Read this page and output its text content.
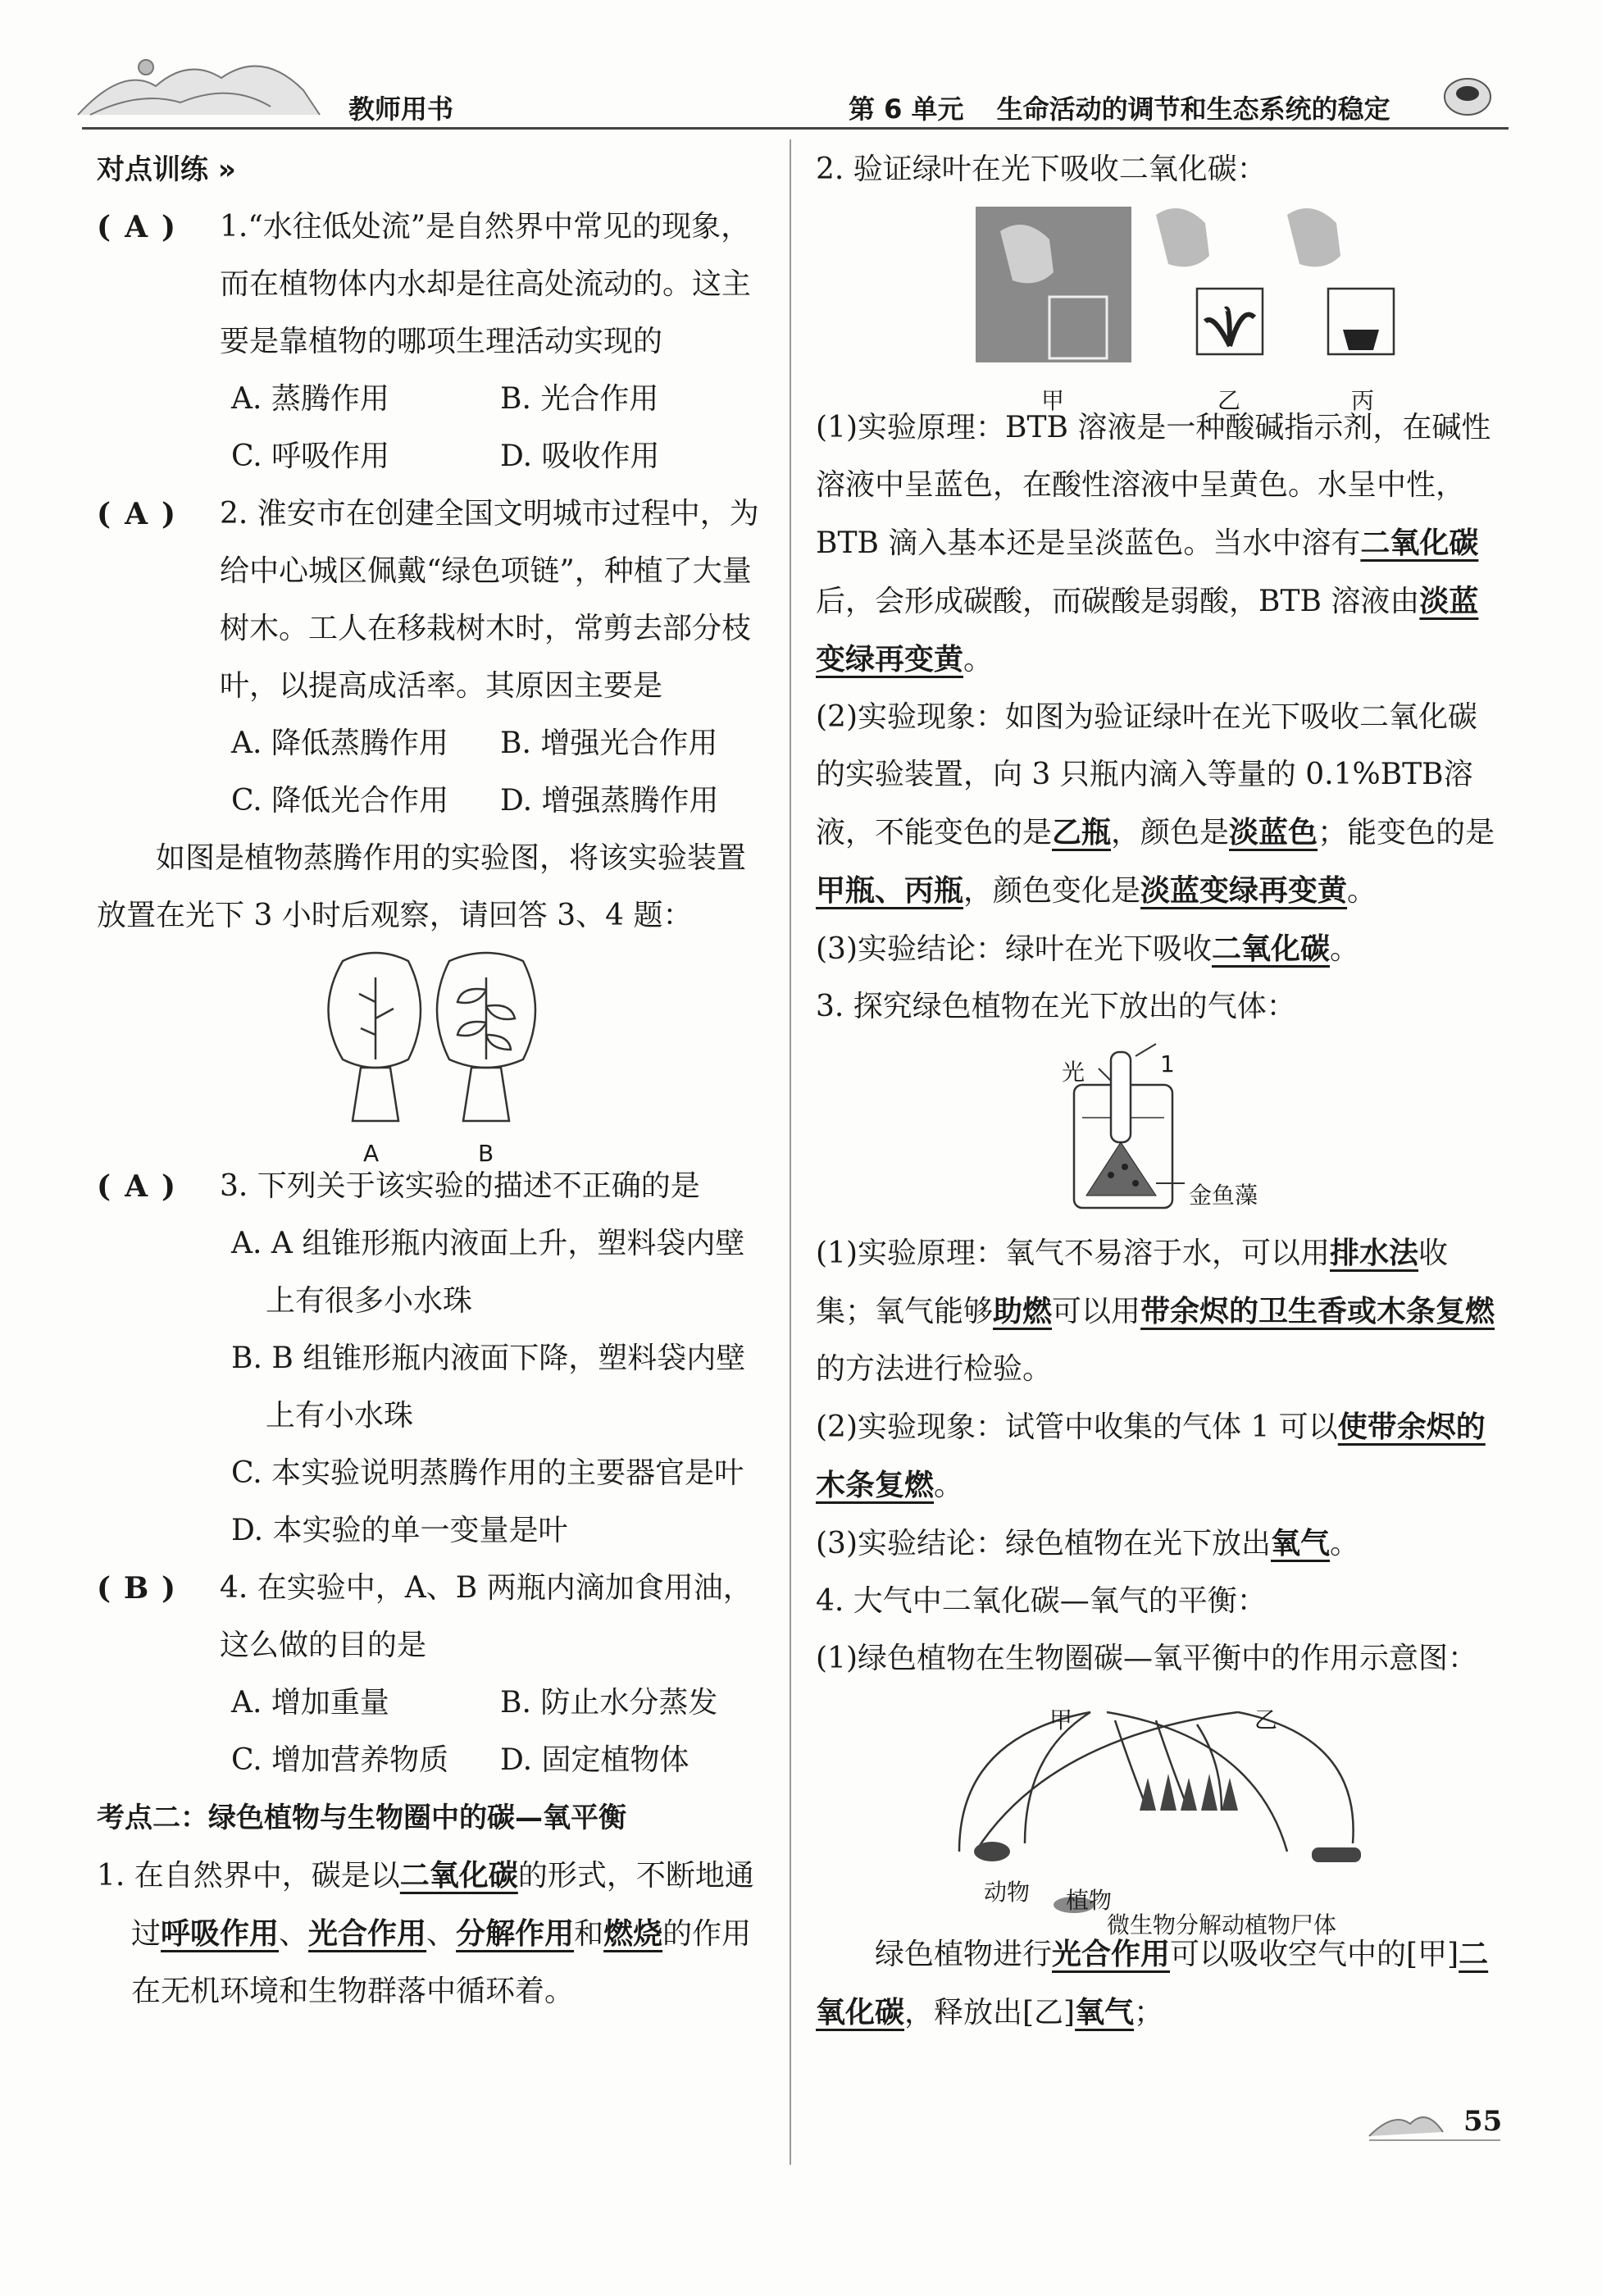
教师用书	第 6 单元 生命活动的调节和生态系统的稳定

对点训练 »

( A )	1.“水往低处流”是自然界中常见的现象，而在植物体内水却是往高处流动的。这主要是靠植物的哪项生理活动实现的
A. 蒸腾作用	B. 光合作用
C. 呼吸作用	D. 吸收作用
( A )	2. 淮安市在创建全国文明城市过程中，为给中心城区佩戴“绿色项链”，种植了大量树木。工人在移栽树木时，常剪去部分枝叶，以提高成活率。其原因主要是
A. 降低蒸腾作用	B. 增强光合作用
C. 降低光合作用	D. 增强蒸腾作用

如图是植物蒸腾作用的实验图，将该实验装置放置在光下 3 小时后观察，请回答 3、4 题：

A	B
( A )	3. 下列关于该实验的描述不正确的是

A. A 组锥形瓶内液面上升，塑料袋内壁上有很多小水珠

B. B 组锥形瓶内液面下降，塑料袋内壁上有小水珠

C. 本实验说明蒸腾作用的主要器官是叶

D. 本实验的单一变量是叶

( B )	4. 在实验中，A、B 两瓶内滴加食用油，这么做的目的是
A. 增加重量	B. 防止水分蒸发
C. 增加营养物质	D. 固定植物体

考点二：绿色植物与生物圈中的碳—氧平衡

1. 在自然界中，碳是以二氧化碳的形式，不断地通过呼吸作用、光合作用、分解作用和燃烧的作用在无机环境和生物群落中循环着。

2. 验证绿叶在光下吸收二氧化碳：

甲	乙	丙

(1)实验原理：BTB 溶液是一种酸碱指示剂，在碱性溶液中呈蓝色，在酸性溶液中呈黄色。水呈中性，BTB 滴入基本还是呈淡蓝色。当水中溶有二氧化碳后，会形成碳酸，而碳酸是弱酸，BTB 溶液由淡蓝变绿再变黄。

(2)实验现象：如图为验证绿叶在光下吸收二氧化碳的实验装置，向 3 只瓶内滴入等量的 0.1%BTB溶液，不能变色的是乙瓶，颜色是淡蓝色；能变色的是甲瓶、丙瓶，颜色变化是淡蓝变绿再变黄。

(3)实验结论：绿叶在光下吸收二氧化碳。

3. 探究绿色植物在光下放出的气体：

光	1
金鱼藻

(1)实验原理：氧气不易溶于水，可以用排水法收集；氧气能够助燃可以用带余烬的卫生香或木条复燃的方法进行检验。

(2)实验现象：试管中收集的气体 1 可以使带余烬的木条复燃。

(3)实验结论：绿色植物在光下放出氧气。

4. 大气中二氧化碳—氧气的平衡：

(1)绿色植物在生物圈碳—氧平衡中的作用示意图：

甲	乙
动物 植物
微生物分解动植物尸体

绿色植物进行光合作用可以吸收空气中的[甲]二氧化碳，释放出[乙]氧气；

55
